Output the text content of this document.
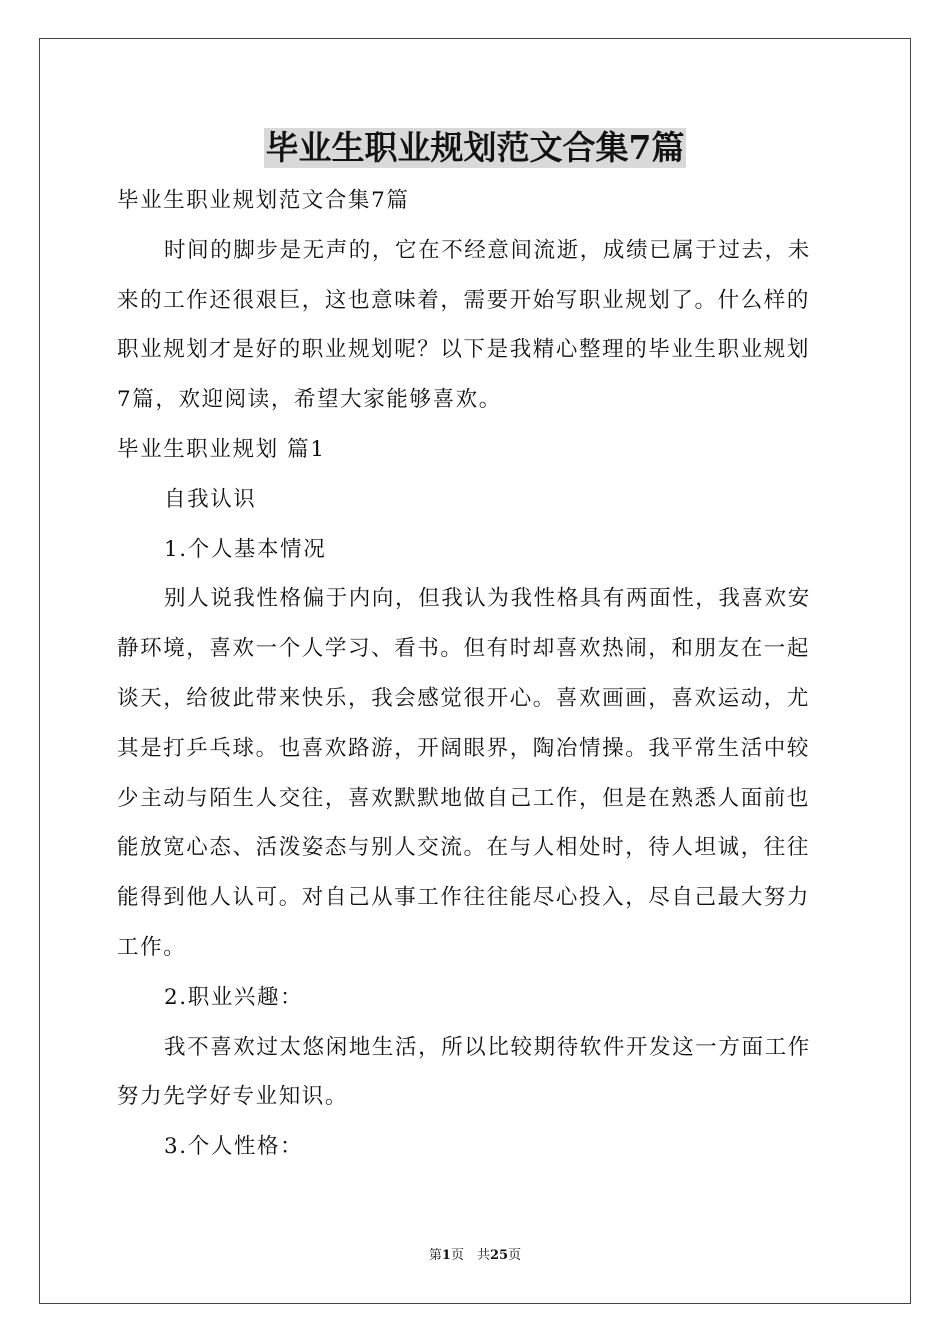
毕业生职业规划范文合集7篇

毕业生职业规划范文合集7篇

时间的脚步是无声的，它在不经意间流逝，成绩已属于过去，未

来的工作还很艰巨，这也意味着，需要开始写职业规划了。什么样的

职业规划才是好的职业规划呢？以下是我精心整理的毕业生职业规划

7篇，欢迎阅读，希望大家能够喜欢。

毕业生职业规划 篇1

自我认识

1.个人基本情况

别人说我性格偏于内向，但我认为我性格具有两面性，我喜欢安

静环境，喜欢一个人学习、看书。但有时却喜欢热闹，和朋友在一起

谈天，给彼此带来快乐，我会感觉很开心。喜欢画画，喜欢运动，尤

其是打乒乓球。也喜欢路游，开阔眼界，陶冶情操。我平常生活中较

少主动与陌生人交往，喜欢默默地做自己工作，但是在熟悉人面前也

能放宽心态、活泼姿态与别人交流。在与人相处时，待人坦诚，往往

能得到他人认可。对自己从事工作往往能尽心投入，尽自己最大努力

工作。

2.职业兴趣：

我不喜欢过太悠闲地生活，所以比较期待软件开发这一方面工作

努力先学好专业知识。

3.个人性格：

第1页　共25页
